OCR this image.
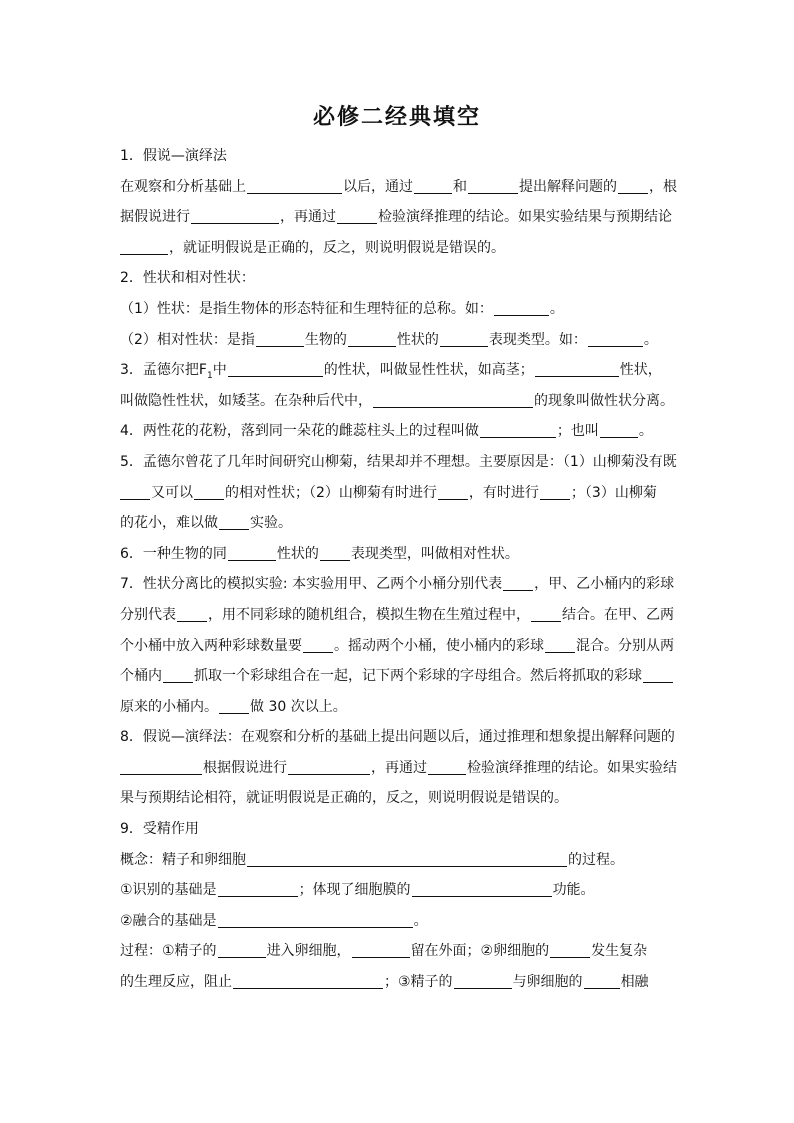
必修二经典填空
1．假说—演绎法
在观察和分析基础上	以后，通过	和	提出解释问题的 ，根
据假说进行	，再通过	检验演绎推理的结论。如果实验结果与预期结论
，就证明假说是正确的，反之，则说明假说是错误的。
2．性状和相对性状：
（1）性状：是指生物体的形态特征和生理特征的总称。如：	。
（2）相对性状：是指	生物的	性状的	表现类型。如：	。
3．孟德尔把$F_1$中	的性状，叫做显性性状，如高茎；	性状，
叫做隐性性状，如矮茎。在杂种后代中，	的现象叫做性状分离。
4．两性花的花粉，落到同一朵花的雌蕊柱头上的过程叫做	；也叫	。
5．孟德尔曾花了几年时间研究山柳菊，结果却并不理想。主要原因是：（1）山柳菊没有既
又可以 的相对性状；（2）山柳菊有时进行 ，有时进行 ；（3）山柳菊
的花小，难以做 实验。
6．一种生物的同	性状的 表现类型，叫做相对性状。
7．性状分离比的模拟实验: 本实验用甲、乙两个小桶分别代表 ，甲、乙小桶内的彩球
分别代表 ，用不同彩球的随机组合，模拟生物在生殖过程中， 结合。在甲、乙两
个小桶中放入两种彩球数量要 。摇动两个小桶，使小桶内的彩球 混合。分别从两
个桶内 抓取一个彩球组合在一起，记下两个彩球的字母组合。然后将抓取的彩球
原来的小桶内。 做 30 次以上。
8．假说—演绎法：在观察和分析的基础上提出问题以后，通过推理和想象提出解释问题的
根据假说进行	，再通过	检验演绎推理的结论。如果实验结
果与预期结论相符，就证明假说是正确的，反之，则说明假说是错误的。
9．受精作用
概念：精子和卵细胞	的过程。
①识别的基础是	；体现了细胞膜的	功能。
②融合的基础是	。
过程：①精子的	进入卵细胞，	留在外面；②卵细胞的	发生复杂
的生理反应，阻止	；③精子的	与卵细胞的	相融
